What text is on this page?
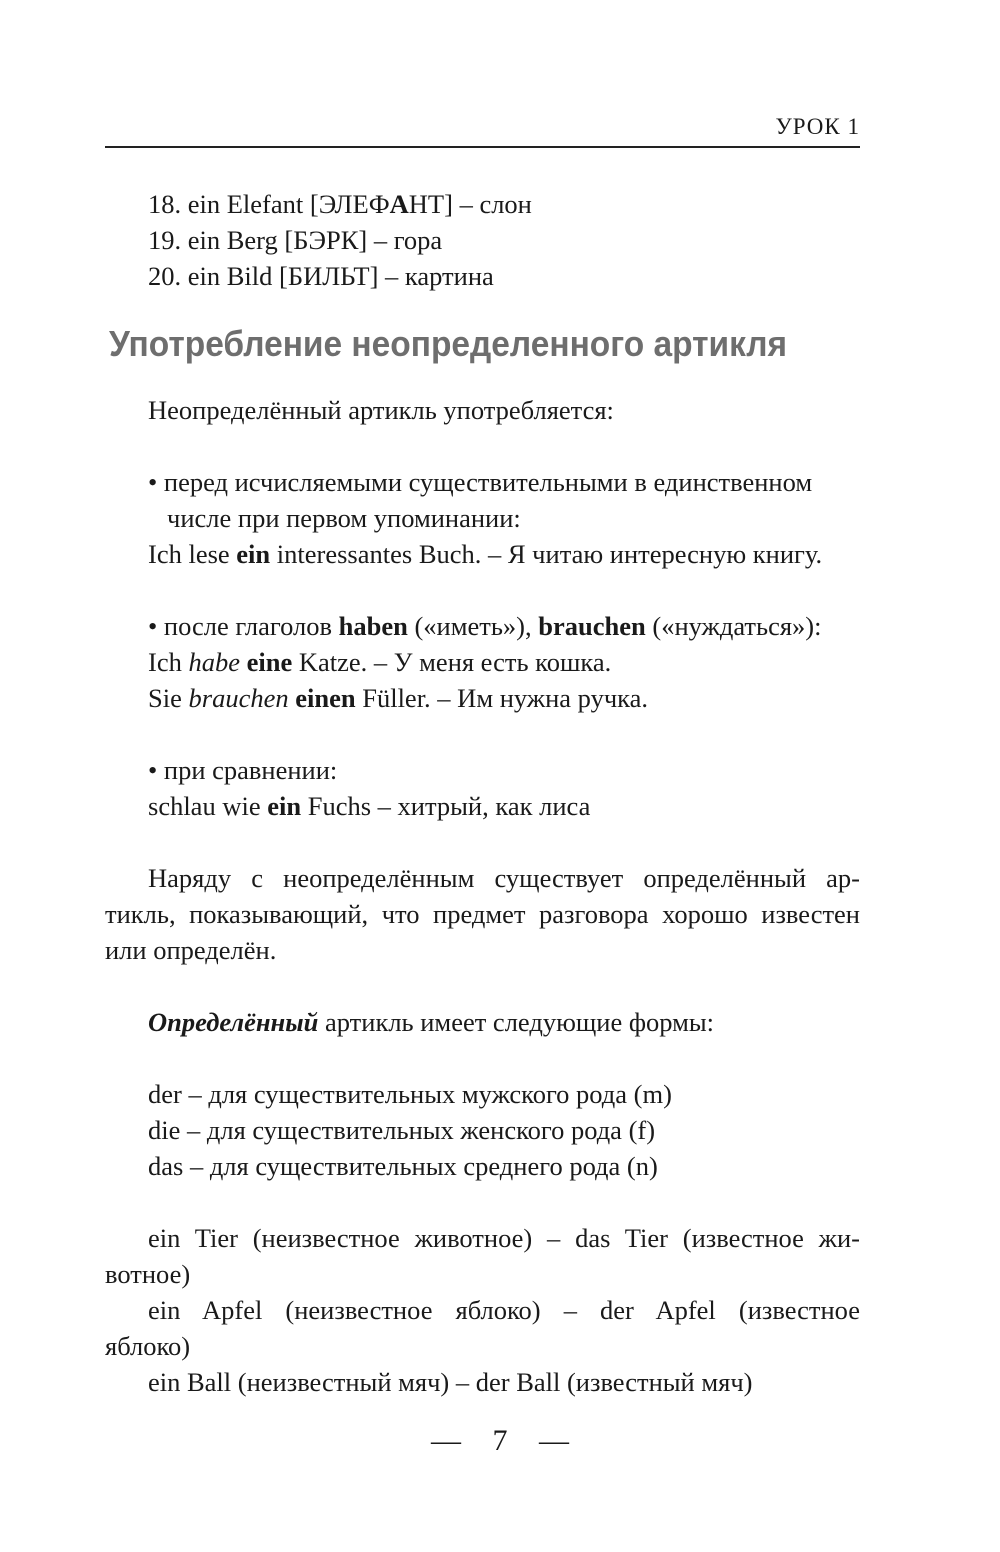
УРОК 1
18. ein Elefant [ЭЛЕФАНТ] – слон
19. ein Berg [БЭРК] – гора
20. ein Bild [БИЛЬТ] – картина
Употребление неопределенного артикля
Неопределённый артикль употребляется:
• перед исчисляемыми существительными в единственном
числе при первом упоминании:
Ich lese ein interessantes Buch. – Я читаю интересную книгу.
• после глаголов haben («иметь»), brauchen («нуждаться»):
Ich habe eine Katze. – У меня есть кошка.
Sie brauchen einen Füller. – Им нужна ручка.
• при сравнении:
schlau wie ein Fuchs – хитрый, как лиса
Наряду с неопределённым существует определённый ар-
тикль, показывающий, что предмет разговора хорошо известен
или определён.
Определённый артикль имеет следующие формы:
der – для существительных мужского рода (m)
die – для существительных женского рода (f)
das – для существительных среднего рода (n)
ein Tier (неизвестное животное) – das Tier (известное жи-
вотное)
ein Apfel (неизвестное яблоко) – der Apfel (известное
яблоко)
ein Ball (неизвестный мяч) – der Ball (известный мяч)
— 7 —
